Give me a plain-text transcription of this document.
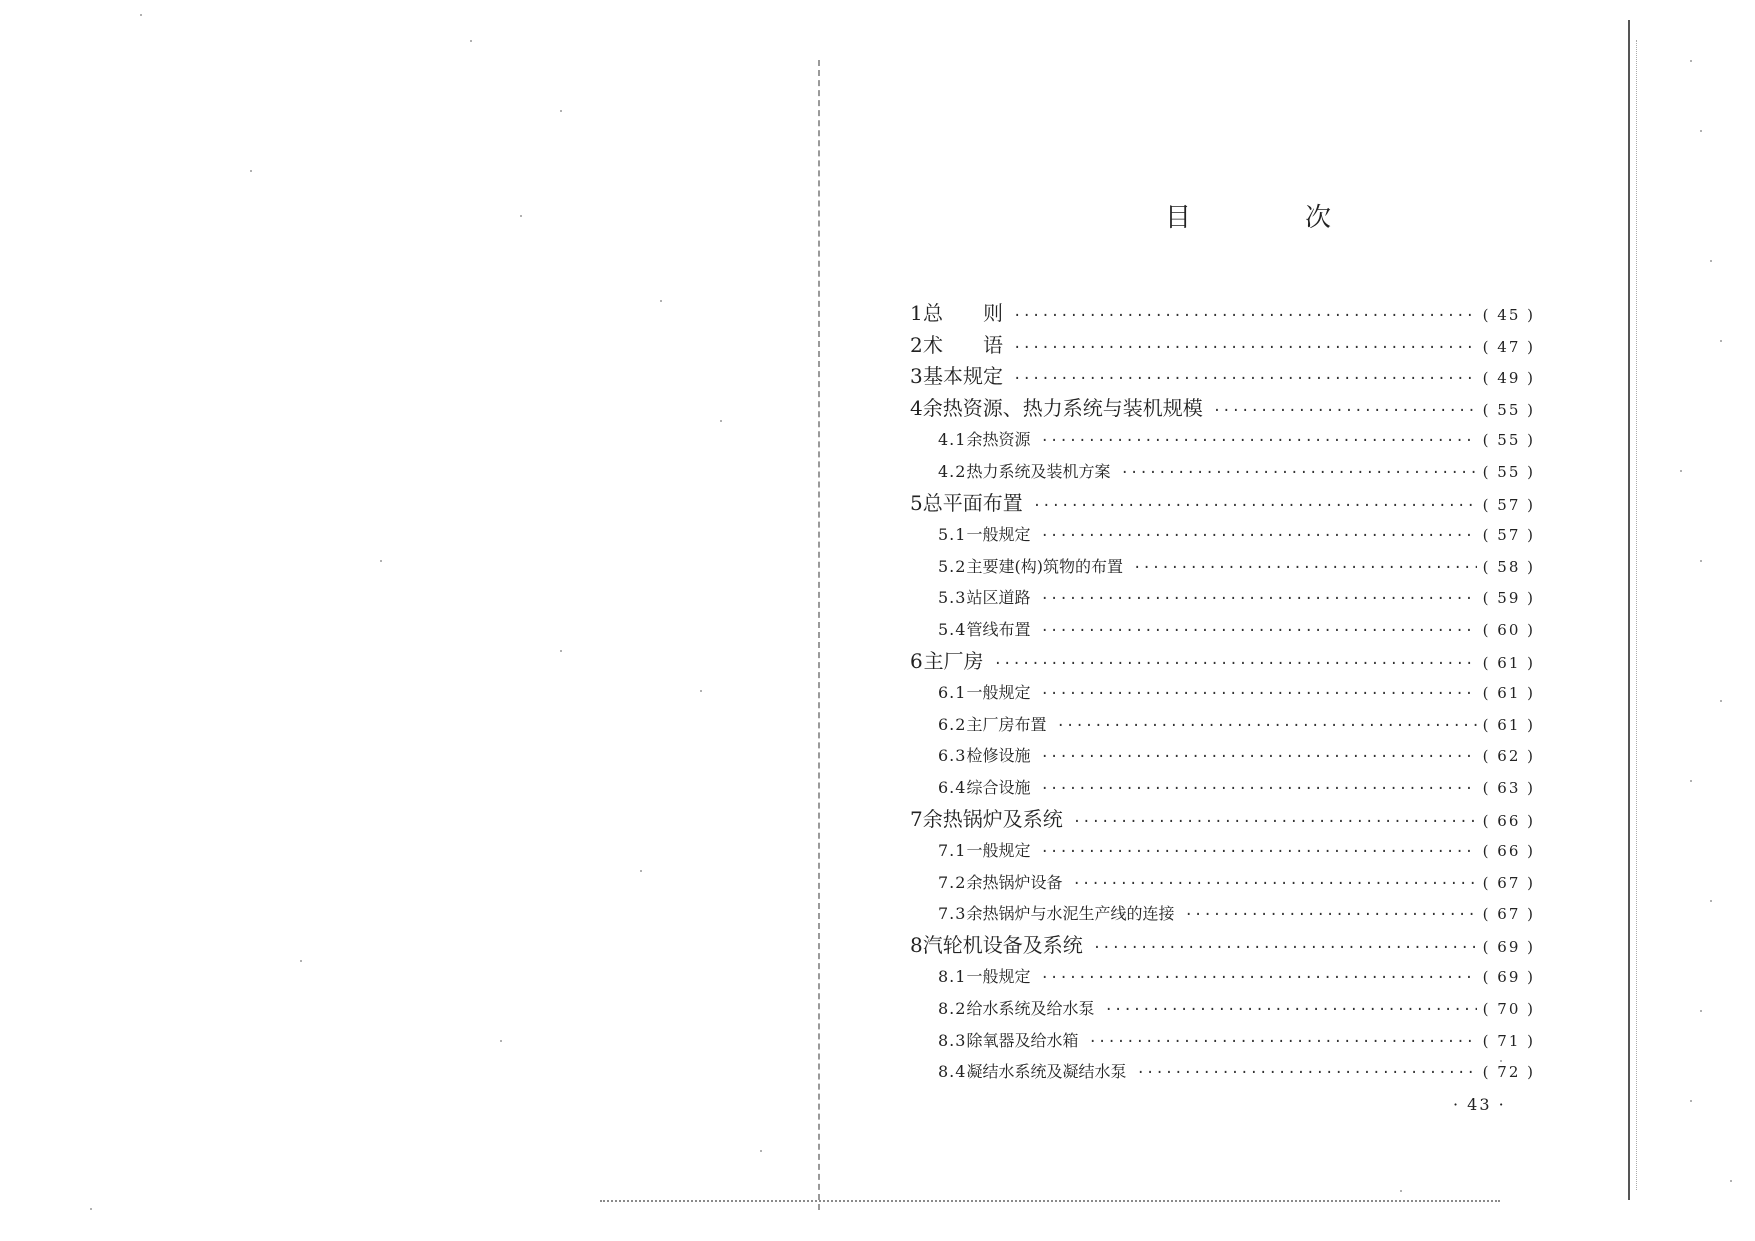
目　次
1 总　　则 ·····	( 45 )
2 术　　语 ·····	( 47 )
3 基本规定 ·····	( 49 )
4 余热资源、热力系统与装机规模 ·····	( 55 )
4.1 余热资源 ·····	( 55 )
4.2 热力系统及装机方案 ·····	( 55 )
5 总平面布置 ·····	( 57 )
5.1 一般规定 ·····	( 57 )
5.2 主要建(构)筑物的布置 ·····	( 58 )
5.3 站区道路 ·····	( 59 )
5.4 管线布置 ·····	( 60 )
6 主厂房 ·····	( 61 )
6.1 一般规定 ·····	( 61 )
6.2 主厂房布置 ·····	( 61 )
6.3 检修设施 ·····	( 62 )
6.4 综合设施 ·····	( 63 )
7 余热锅炉及系统 ·····	( 66 )
7.1 一般规定 ·····	( 66 )
7.2 余热锅炉设备 ·····	( 67 )
7.3 余热锅炉与水泥生产线的连接 ·····	( 67 )
8 汽轮机设备及系统 ·····	( 69 )
8.1 一般规定 ·····	( 69 )
8.2 给水系统及给水泵 ·····	( 70 )
8.3 除氧器及给水箱 ·····	( 71 )
8.4 凝结水系统及凝结水泵 ·····	( 72 )
· 43 ·
